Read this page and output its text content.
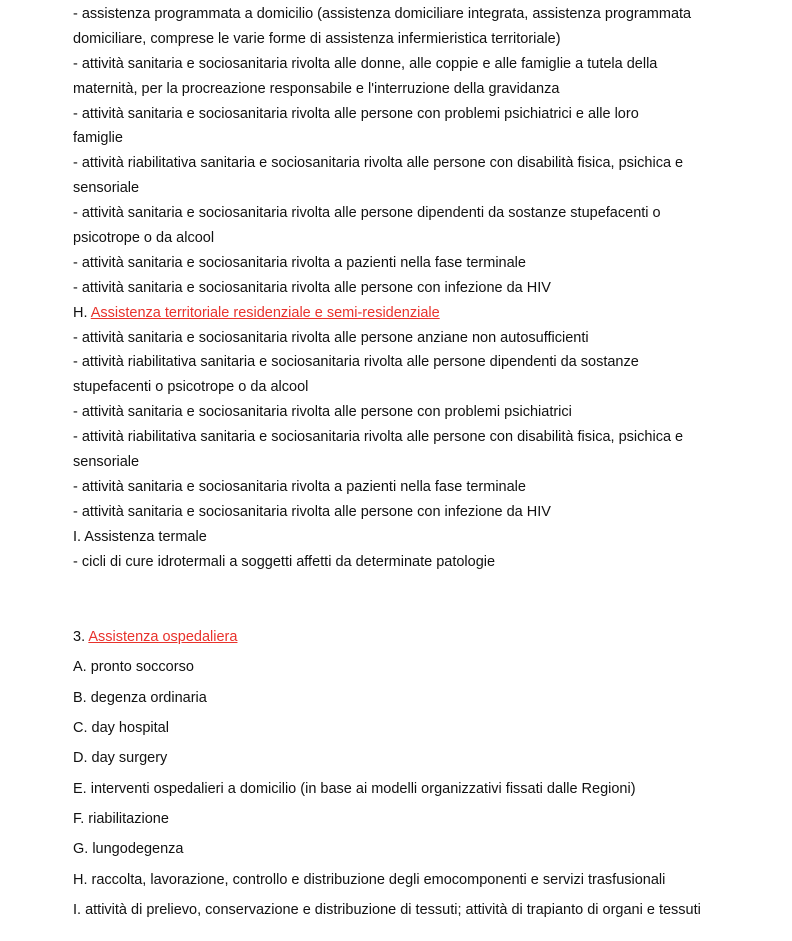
- assistenza programmata a domicilio (assistenza domiciliare integrata, assistenza programmata
domiciliare, comprese le varie forme di assistenza infermieristica territoriale)
- attività sanitaria e sociosanitaria rivolta alle donne, alle coppie e alle famiglie a tutela della
maternità, per la procreazione responsabile e l'interruzione della gravidanza
- attività sanitaria e sociosanitaria rivolta alle persone con problemi psichiatrici e alle loro
famiglie
- attività riabilitativa sanitaria e sociosanitaria rivolta alle persone con disabilità fisica, psichica e
sensoriale
- attività sanitaria e sociosanitaria rivolta alle persone dipendenti da sostanze stupefacenti o
psicotrope o da alcool
- attività sanitaria e sociosanitaria rivolta a pazienti nella fase terminale
- attività sanitaria e sociosanitaria rivolta alle persone con infezione da HIV
H. Assistenza territoriale residenziale e semi-residenziale
- attività sanitaria e sociosanitaria rivolta alle persone anziane non autosufficienti
- attività riabilitativa sanitaria e sociosanitaria rivolta alle persone dipendenti da sostanze
stupefacenti o psicotrope o da alcool
- attività sanitaria e sociosanitaria rivolta alle persone con problemi psichiatrici
- attività riabilitativa sanitaria e sociosanitaria rivolta alle persone con disabilità fisica, psichica e
sensoriale
- attività sanitaria e sociosanitaria rivolta a pazienti nella fase terminale
- attività sanitaria e sociosanitaria rivolta alle persone con infezione da HIV
I. Assistenza termale
- cicli di cure idrotermali a soggetti affetti da determinate patologie
3. Assistenza ospedaliera
A. pronto soccorso
B. degenza ordinaria
C. day hospital
D. day surgery
E. interventi ospedalieri a domicilio (in base ai modelli organizzativi fissati dalle Regioni)
F. riabilitazione
G. lungodegenza
H. raccolta, lavorazione, controllo e distribuzione degli emocomponenti e servizi trasfusionali
I. attività di prelievo, conservazione e distribuzione di tessuti; attività di trapianto di organi e tessuti
